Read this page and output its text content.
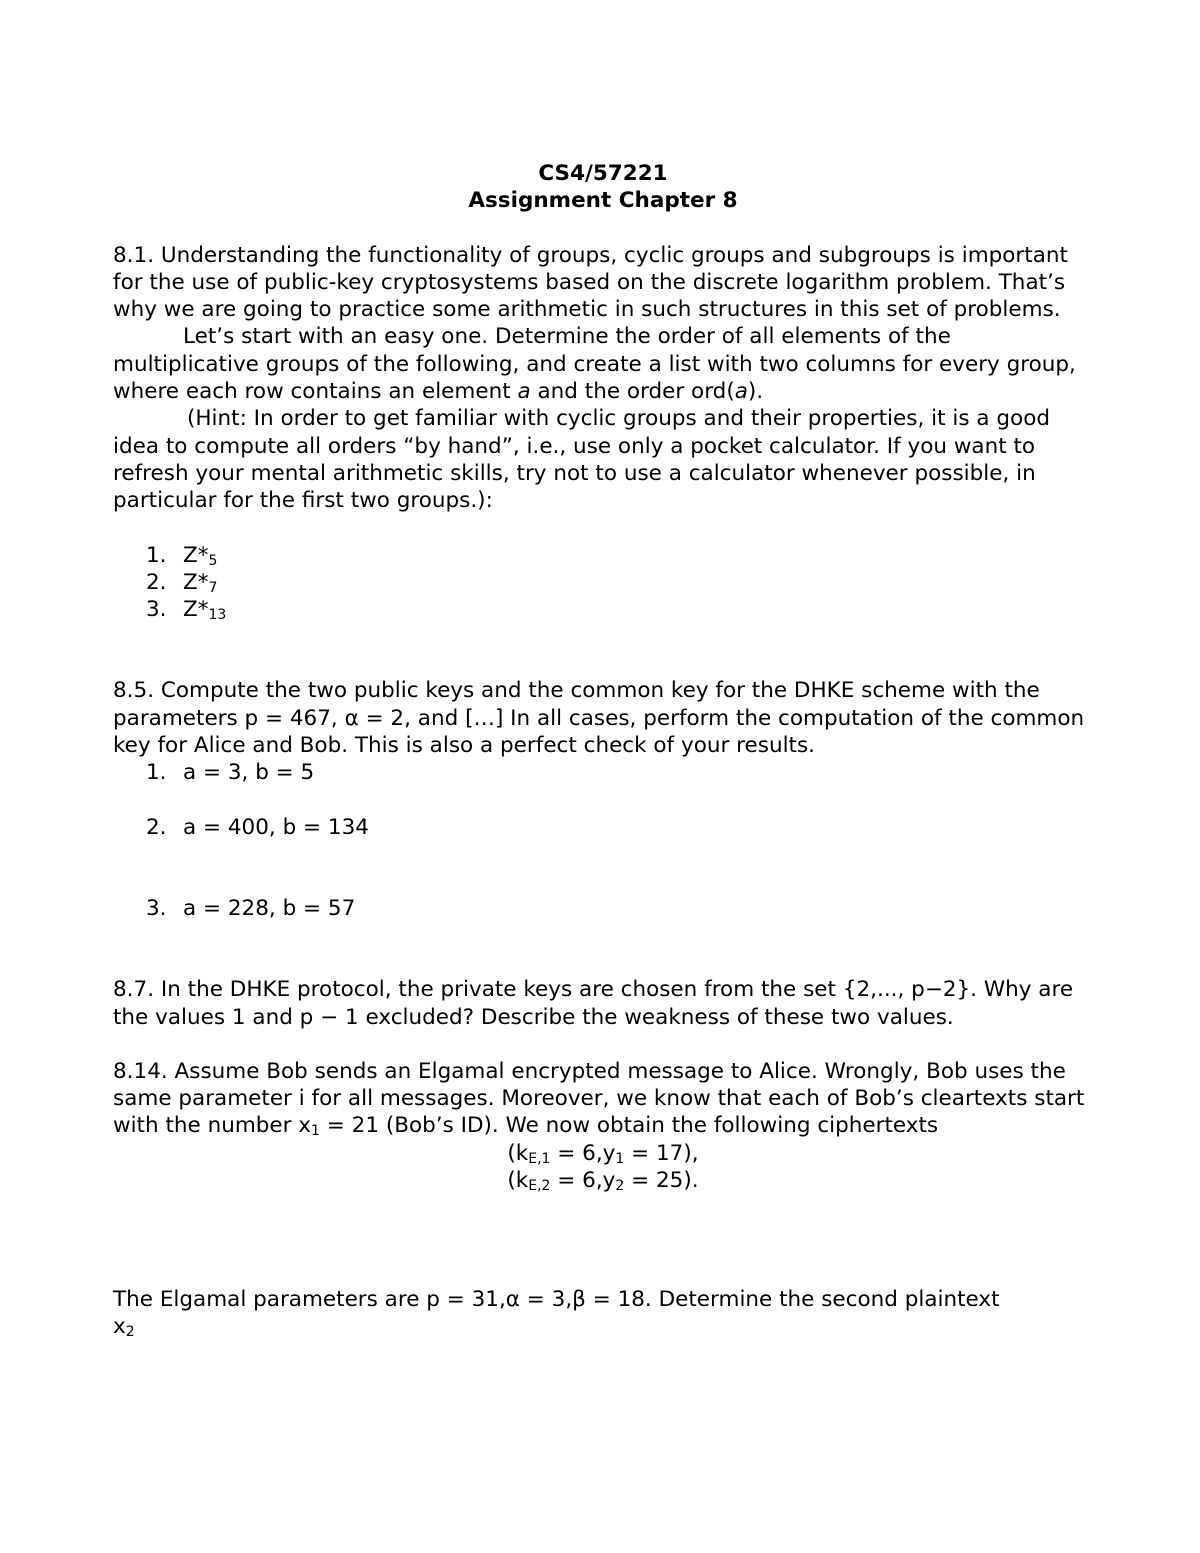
CS4/57221

Assignment Chapter 8

8.1. Understanding the functionality of groups, cyclic groups and subgroups is important for the use of public-key cryptosystems based on the discrete logarithm problem. That’s why we are going to practice some arithmetic in such structures in this set of problems.

Let’s start with an easy one. Determine the order of all elements of the multiplicative groups of the following, and create a list with two columns for every group, where each row contains an element a and the order ord(a).

(Hint: In order to get familiar with cyclic groups and their properties, it is a good idea to compute all orders “by hand”, i.e., use only a pocket calculator. If you want to refresh your mental arithmetic skills, try not to use a calculator whenever possible, in particular for the first two groups.):

1. $Z*_5$
2. $Z*_7$
3. $Z*_{13}$

8.5. Compute the two public keys and the common key for the DHKE scheme with the parameters p = 467, α = 2, and […] In all cases, perform the computation of the common key for Alice and Bob. This is also a perfect check of your results.

1. a = 3, b = 5
2. a = 400, b = 134
3. a = 228, b = 57

8.7. In the DHKE protocol, the private keys are chosen from the set {2,..., p−2}. Why are the values 1 and p − 1 excluded? Describe the weakness of these two values.

8.14. Assume Bob sends an Elgamal encrypted message to Alice. Wrongly, Bob uses the same parameter i for all messages. Moreover, we know that each of Bob’s cleartexts start with the number $x_1 = 21$ (Bob’s ID). We now obtain the following ciphertexts

$(k_{E,1} = 6,y_1 = 17)$,

$(k_{E,2} = 6,y_2 = 25)$.

The Elgamal parameters are p = 31,α = 3,β = 18. Determine the second plaintext
$x_2$
